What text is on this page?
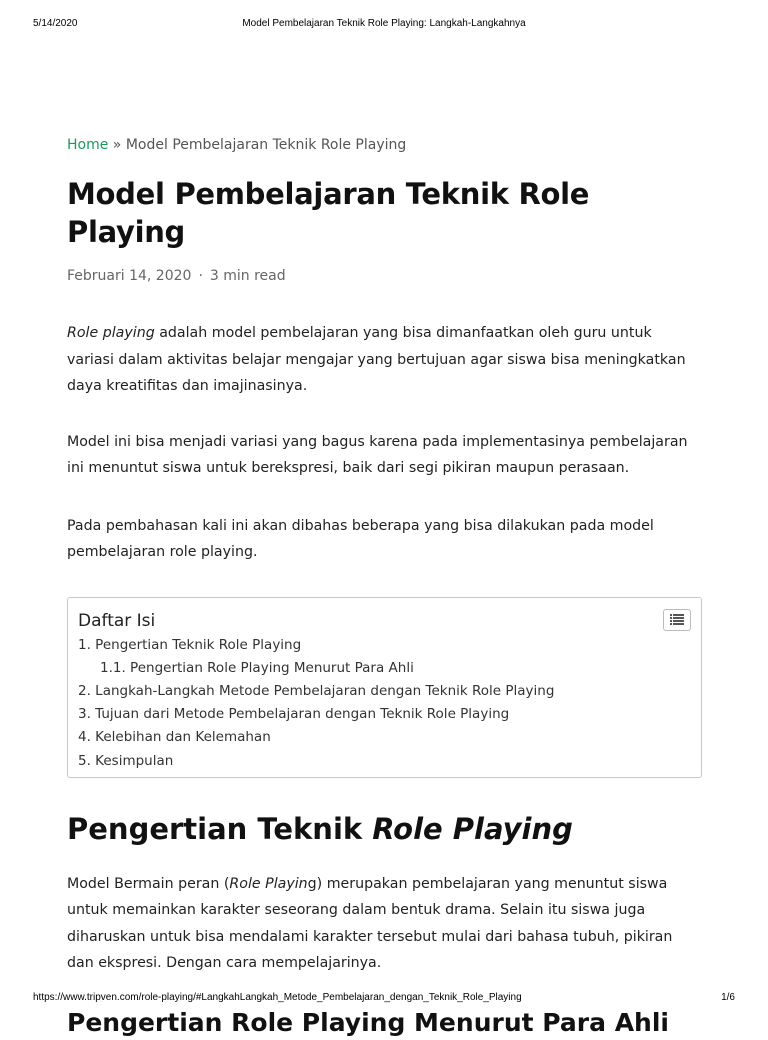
5/14/2020	Model Pembelajaran Teknik Role Playing: Langkah-Langkahnya
Home » Model Pembelajaran Teknik Role Playing
Model Pembelajaran Teknik Role Playing
Februari 14, 2020 · 3 min read

Role playing adalah model pembelajaran yang bisa dimanfaatkan oleh guru untuk variasi dalam aktivitas belajar mengajar yang bertujuan agar siswa bisa meningkatkan daya kreatifitas dan imajinasinya.

Model ini bisa menjadi variasi yang bagus karena pada implementasinya pembelajaran ini menuntut siswa untuk berekspresi, baik dari segi pikiran maupun perasaan.

Pada pembahasan kali ini akan dibahas beberapa yang bisa dilakukan pada model pembelajaran role playing.

Daftar Isi
1. Pengertian Teknik Role Playing
1.1. Pengertian Role Playing Menurut Para Ahli
2. Langkah-Langkah Metode Pembelajaran dengan Teknik Role Playing
3. Tujuan dari Metode Pembelajaran dengan Teknik Role Playing
4. Kelebihan dan Kelemahan
5. Kesimpulan
Pengertian Teknik Role Playing

Model Bermain peran (Role Playing) merupakan pembelajaran yang menuntut siswa untuk memainkan karakter seseorang dalam bentuk drama. Selain itu siswa juga diharuskan untuk bisa mendalami karakter tersebut mulai dari bahasa tubuh, pikiran dan ekspresi. Dengan cara mempelajarinya.

Pengertian Role Playing Menurut Para Ahli
https://www.tripven.com/role-playing/#LangkahLangkah_Metode_Pembelajaran_dengan_Teknik_Role_Playing	1/6
